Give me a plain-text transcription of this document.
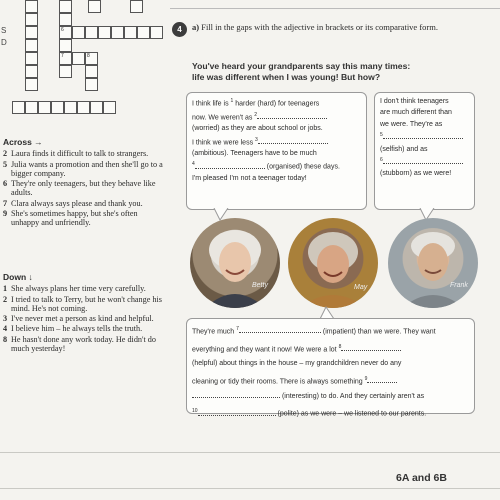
S
D
6
7	8
Across →
2 Laura finds it difficult to talk to strangers.
5 Julia wants a promotion and then she'll go to a bigger company.
6 They're only teenagers, but they behave like adults.
7 Clara always says please and thank you.
9 She's sometimes happy, but she's often unhappy and unfriendly.
Down ↓
1 She always plans her time very carefully.
2 I tried to talk to Terry, but he won't change his mind. He's not coming.
3 I've never met a person as kind and helpful.
4 I believe him – he always tells the truth.
8 He hasn't done any work today. He didn't do much yesterday!
4	a) Fill in the gaps with the adjective in brackets or its comparative form.
You've heard your grandparents say this many times:
life was different when I was young! But how?
I think life is $^1$ harder (hard) for teenagers
now. We weren't as $^2$
(worried) as they are about school or jobs.
I think we were less $^3$
(ambitious). Teenagers have to be much
$^4$	(organised) these days.
I'm pleased I'm not a teenager today!
I don't think teenagers
are much different than
we were. They're as
$^5$
(selfish) and as
$^6$
(stubborn) as we were!
Betty	May	Frank
They're much $^7$	(impatient) than we were. They want
everything and they want it now! We were a lot $^8$
(helpful) about things in the house – my grandchildren never do any
cleaning or tidy their rooms. There is always something $^9$
(interesting) to do. And they certainly aren't as
$^{10}$	(polite) as we were – we listened to our parents.
6A and 6B
